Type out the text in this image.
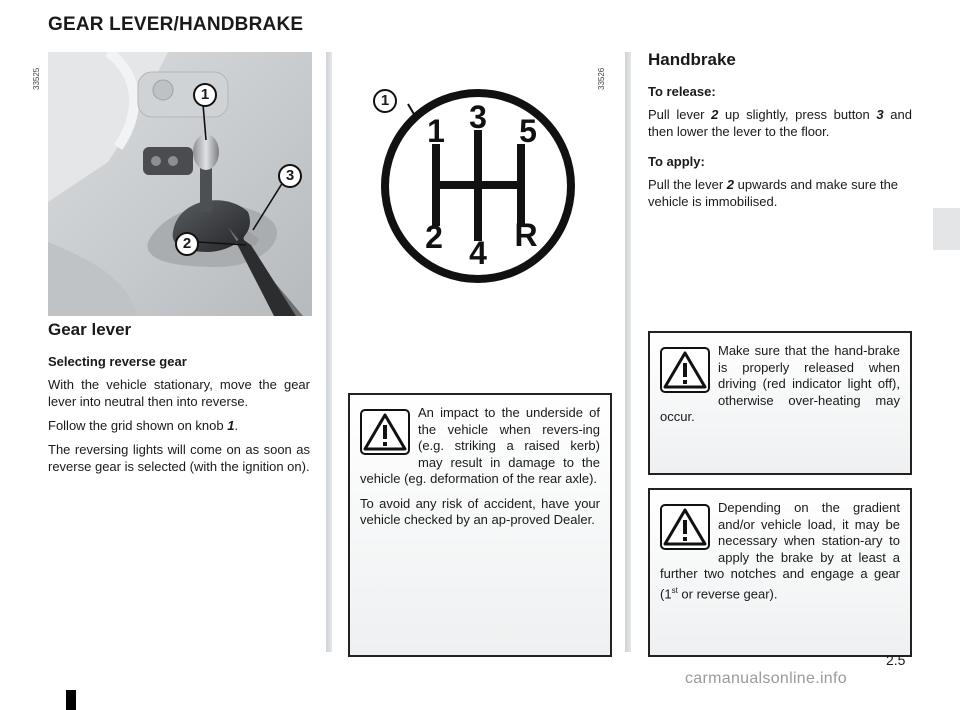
GEAR LEVER/HANDBRAKE
33525
1
3
2
33526
1
1 3 5
2 4 R
Gear lever
Selecting reverse gear
With the vehicle stationary, move the gear lever into neutral then into reverse.
Follow the grid shown on knob 1.
The reversing lights will come on as soon as reverse gear is selected (with the ignition on).

An impact to the underside of the vehicle when revers-ing (e.g. striking a raised kerb) may result in damage to the vehicle (eg. deformation of the rear axle).

To avoid any risk of accident, have your vehicle checked by an ap-proved Dealer.

Handbrake
To release:
Pull lever 2 up slightly, press button 3 and then lower the lever to the floor.
To apply:
Pull the lever 2 upwards and make sure the vehicle is immobilised.

Make sure that the hand-brake is properly released when driving (red indicator light off), otherwise over-heating may occur.

Depending on the gradient and/or vehicle load, it may be necessary when station-ary to apply the brake by at least a further two notches and engage a gear (1st or reverse gear).

2.5
carmanualsonline.info
